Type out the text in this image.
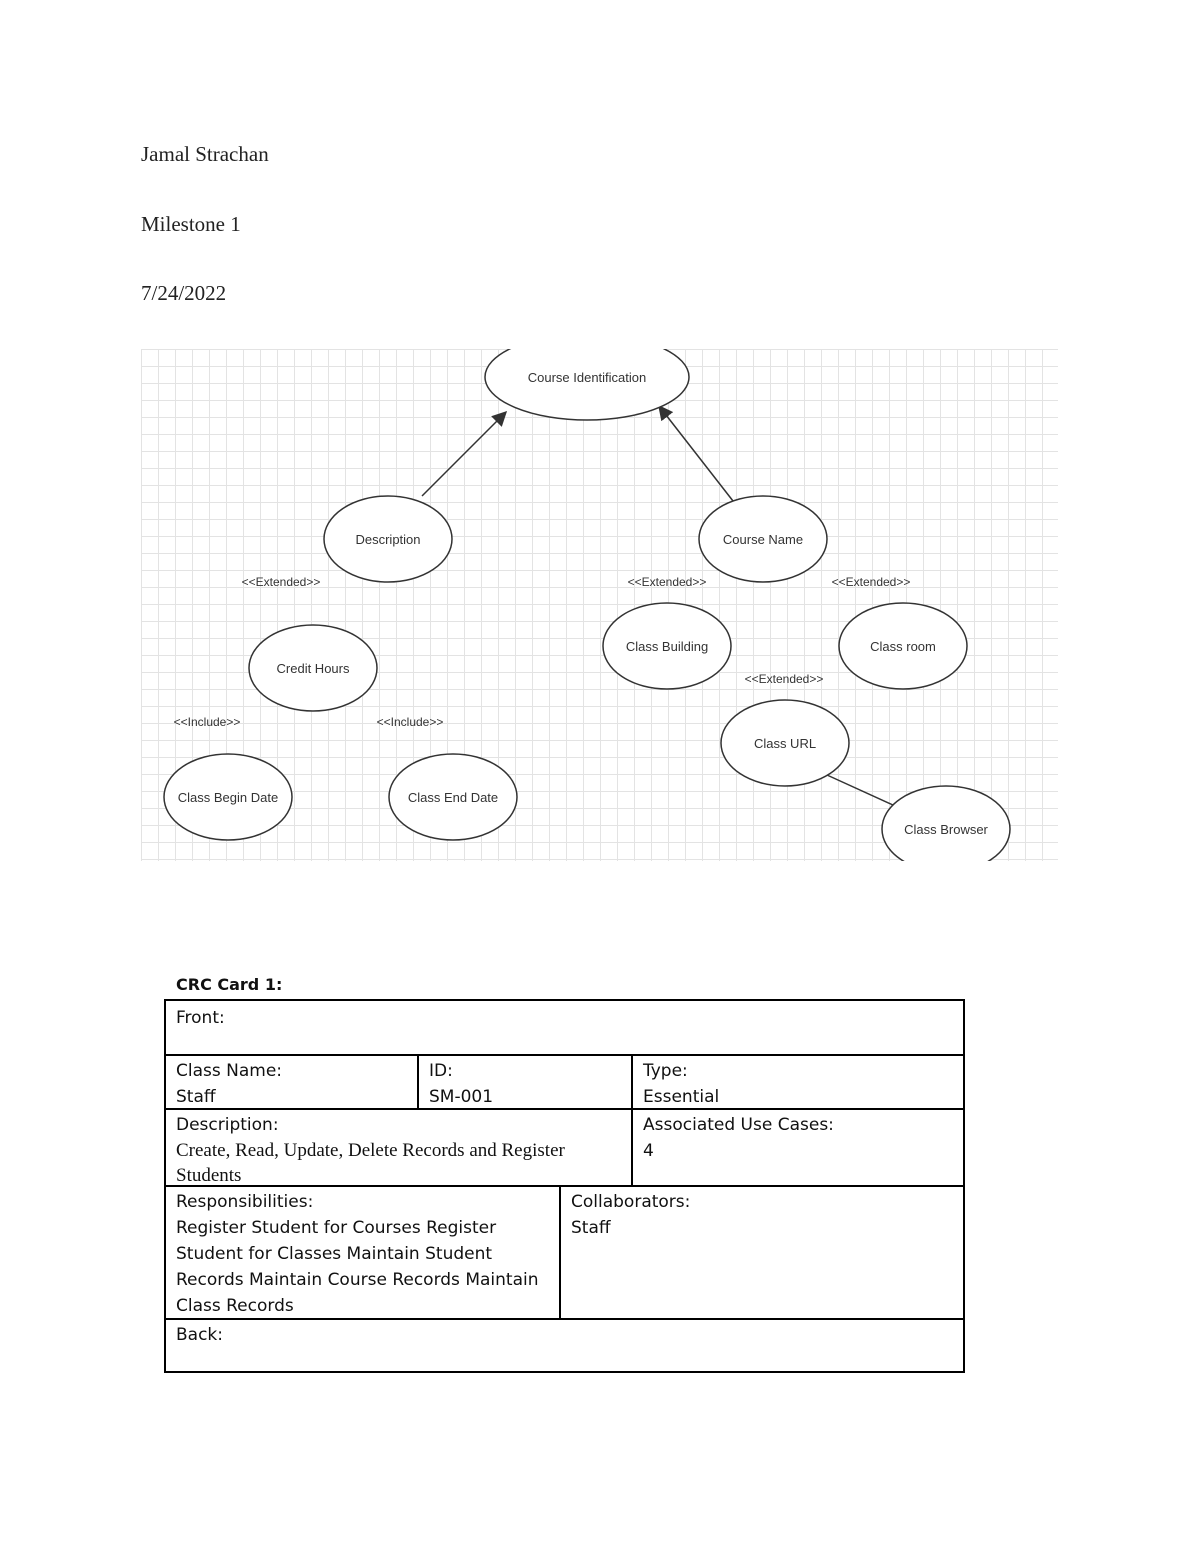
Jamal Strachan
Milestone 1
7/24/2022
Course Identification
Description	Course Name
Credit Hours
Class Building	Class room
Class URL
Class Begin Date	Class End Date
Class Browser
<<Extended>>	<<Extended>>	<<Extended>>
<<Extended>>
<<Include>>	<<Include>>
CRC Card 1:
Front:
Class Name:
Staff
ID:
SM-001
Type:
Essential
Description:
Create, Read, Update, Delete Records and Register Students
Associated Use Cases:
4
Responsibilities:
Register Student for Courses Register Student for Classes Maintain Student Records Maintain Course Records Maintain Class Records
Collaborators:
Staff
Back:
